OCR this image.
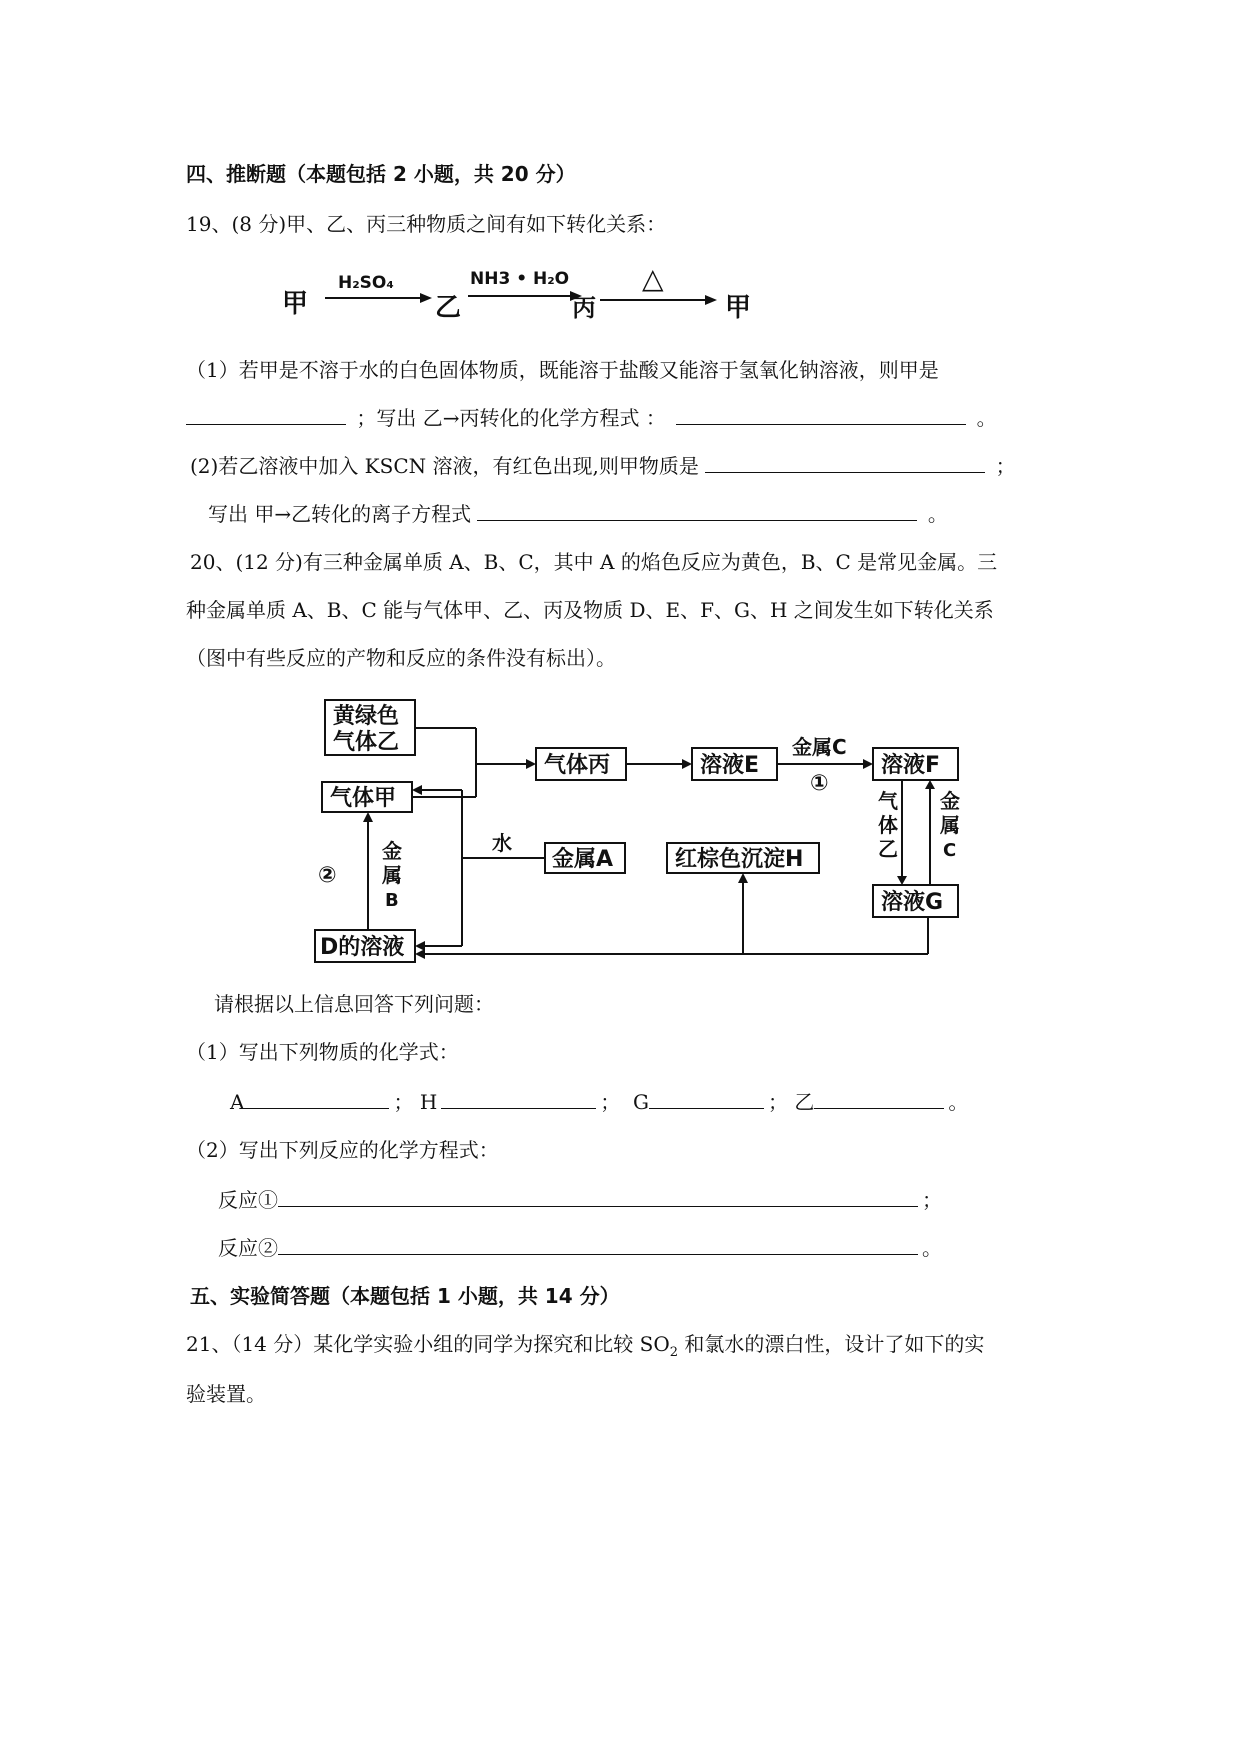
四、推断题（本题包括 2 小题，共 20 分）
19、(8 分)甲、乙、丙三种物质之间有如下转化关系：
甲
H₂SO₄
乙
NH3 • H₂O
丙
△
甲
（1）若甲是不溶于水的白色固体物质，既能溶于盐酸又能溶于氢氧化钠溶液，则甲是
；写出 乙→丙转化的化学方程式 ：	。
(2)若乙溶液中加入 KSCN 溶液，有红色出现,则甲物质是	；
写出 甲→乙转化的离子方程式	。
20、(12 分)有三种金属单质 A、B、C，其中 A 的焰色反应为黄色，B、C 是常见金属。三
种金属单质 A、B、C 能与气体甲、乙、丙及物质 D、E、F、G、H 之间发生如下转化关系
（图中有些反应的产物和反应的条件没有标出）。
黄绿色
气体乙
气体甲
气体丙	溶液E	溶液F
金属A	红棕色沉淀H
溶液G
D的溶液
金属C
①
气
体
乙
金
属
C
水
②
金
属
B
请根据以上信息回答下列问题：
（1）写出下列物质的化学式：
A	； H	； G	； 乙	。
（2）写出下列反应的化学方程式：
反应①	；
反应②	。
五、实验简答题（本题包括 1 小题，共 14 分）
21、（14 分）某化学实验小组的同学为探究和比较 $SO_2$ 和氯水的漂白性，设计了如下的实
验装置。
